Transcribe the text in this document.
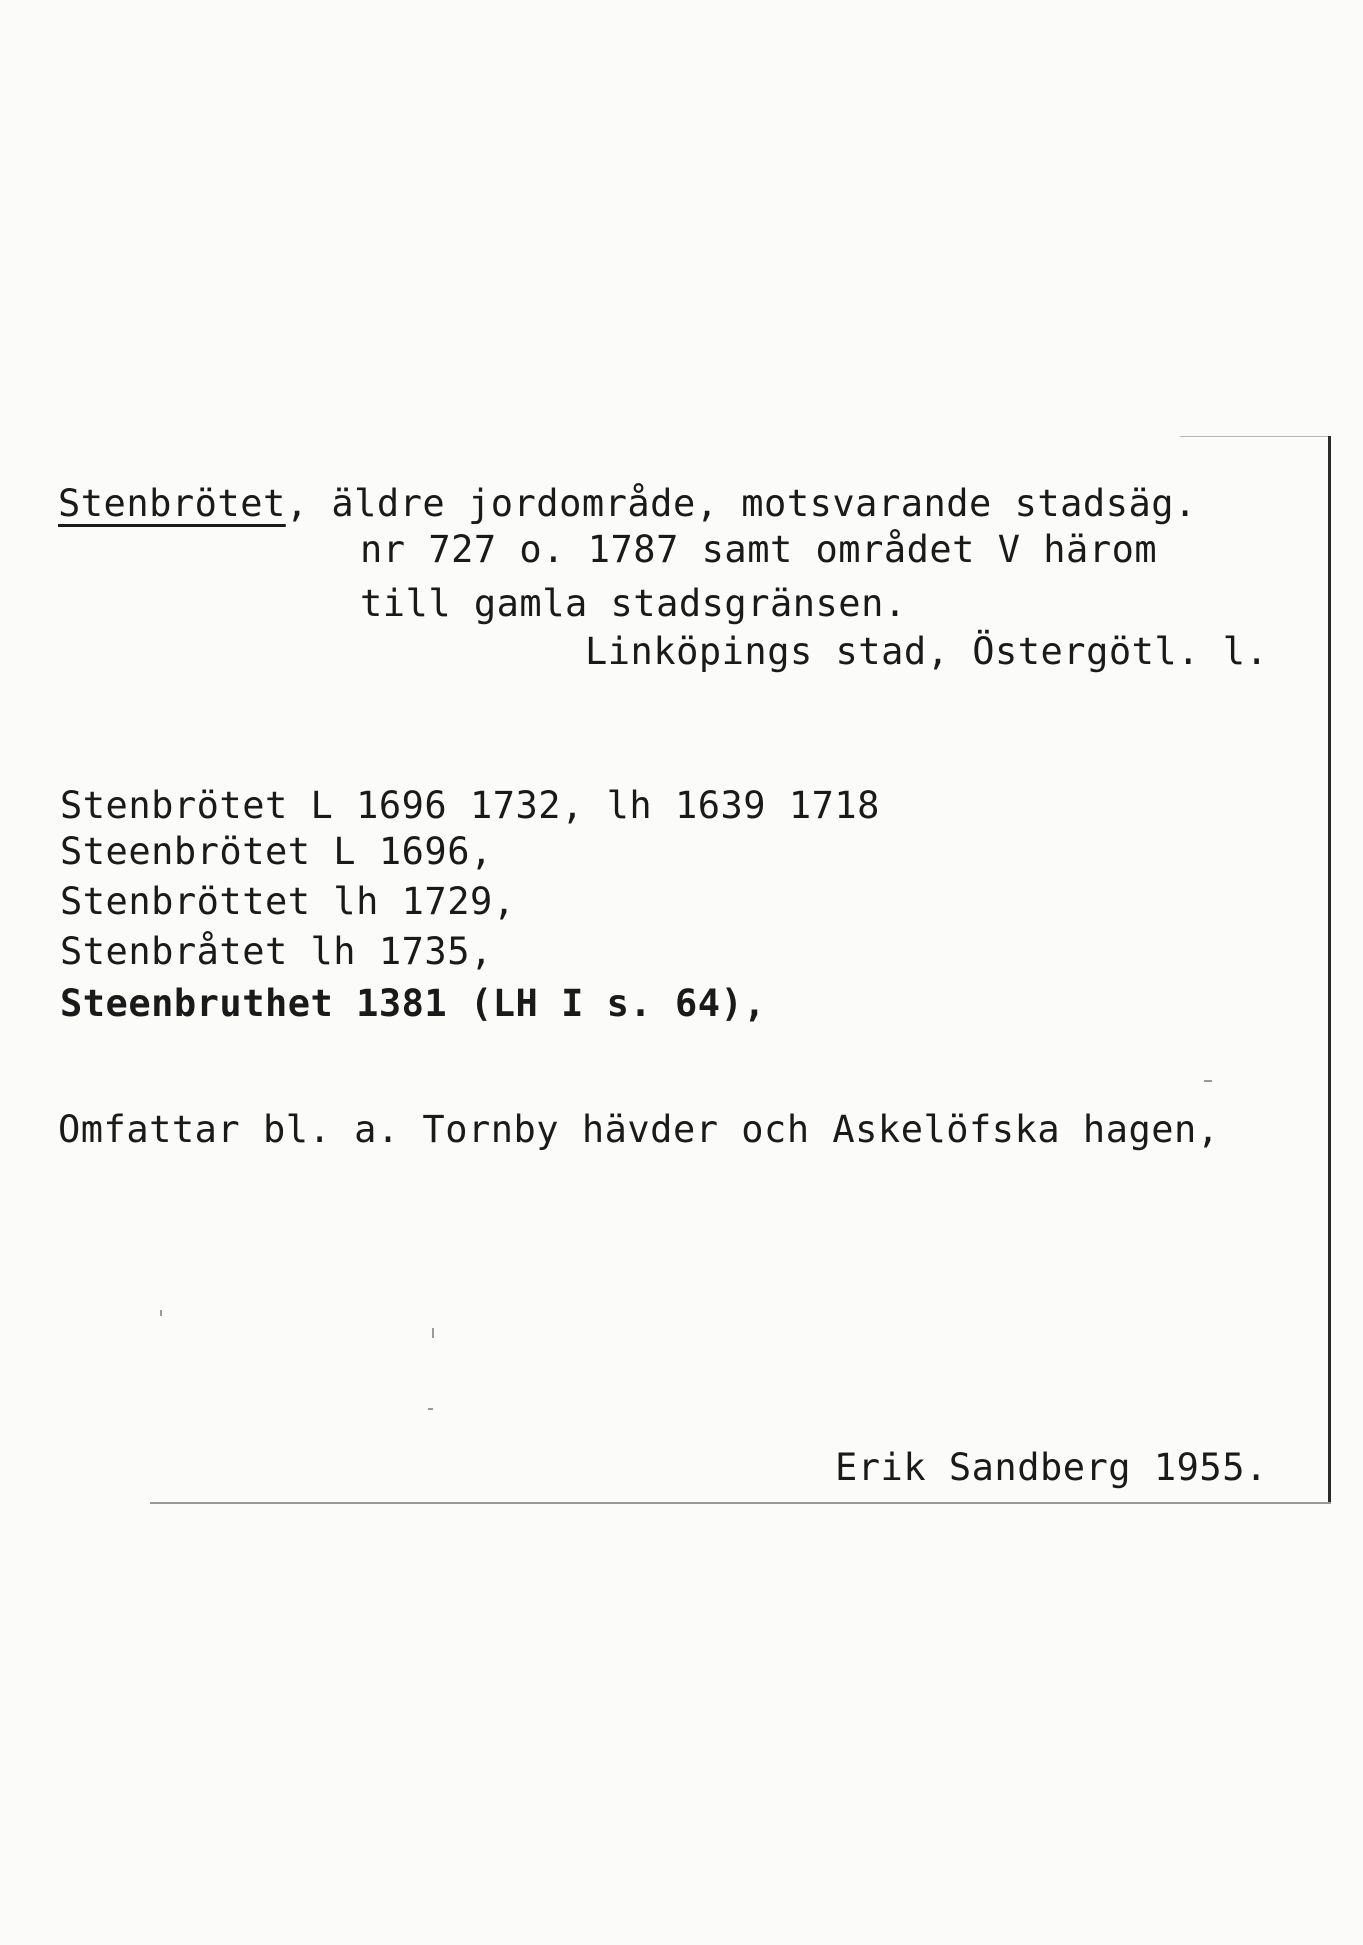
Stenbrötet, äldre jordområde, motsvarande stadsäg.
nr 727 o. 1787 samt området V härom
till gamla stadsgränsen.
Linköpings stad, Östergötl. l.
Stenbrötet L 1696 1732, lh 1639 1718
Steenbrötet L 1696,
Stenbröttet lh 1729,
Stenbråtet lh 1735,
Steenbruthet 1381 (LH I s. 64),
Omfattar bl. a. Tornby hävder och Askelöfska hagen,
Erik Sandberg 1955.
